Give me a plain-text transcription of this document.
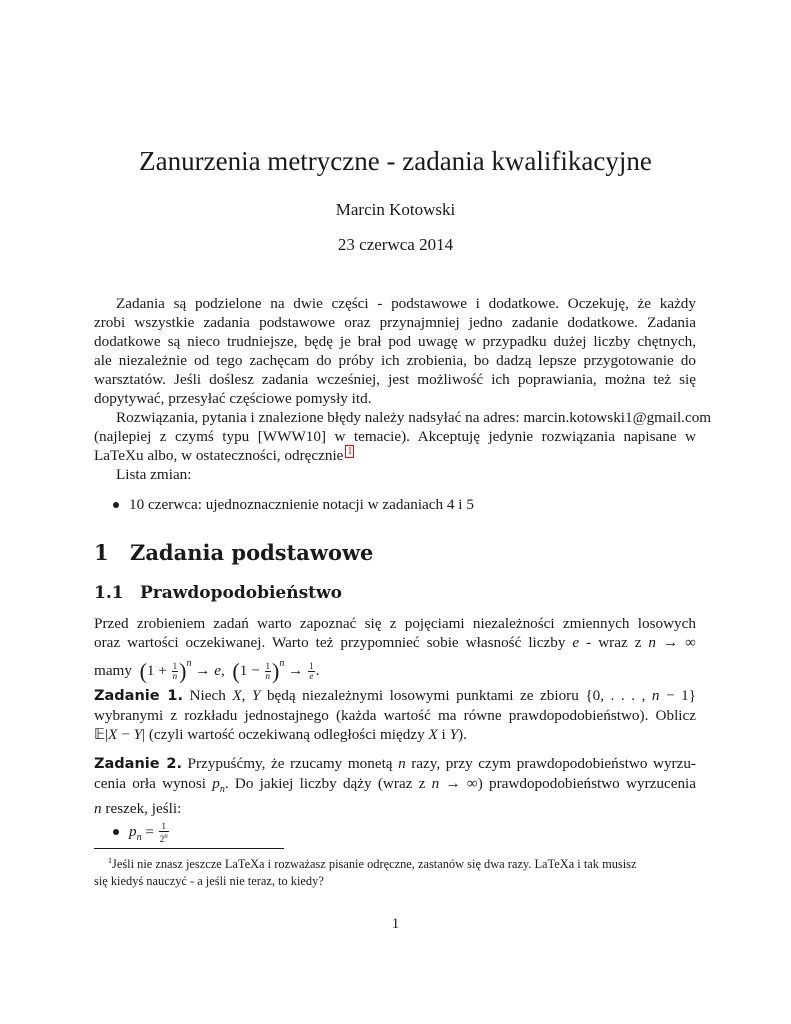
Zanurzenia metryczne - zadania kwalifikacyjne
Marcin Kotowski
23 czerwca 2014
Zadania są podzielone na dwie części - podstawowe i dodatkowe. Oczekuję, że każdy
zrobi wszystkie zadania podstawowe oraz przynajmniej jedno zadanie dodatkowe. Zadania
dodatkowe są nieco trudniejsze, będę je brał pod uwagę w przypadku dużej liczby chętnych,
ale niezależnie od tego zachęcam do próby ich zrobienia, bo dadzą lepsze przygotowanie do
warsztatów. Jeśli doślesz zadania wcześniej, jest możliwość ich poprawiania, można też się
dopytywać, przesyłać częściowe pomysły itd.
Rozwiązania, pytania i znalezione błędy należy nadsyłać na adres: marcin.kotowski1@gmail.com
(najlepiej z czymś typu [WWW10] w temacie). Akceptuję jedynie rozwiązania napisane w
LaTeXu albo, w ostateczności, odręcznie $^1$
Lista zmian:
10 czerwca: ujednoznacznienie notacji w zadaniach 4 i 5
1 Zadania podstawowe
1.1 Prawdopodobieństwo
Przed zrobieniem zadań warto zapoznać się z pojęciami niezależności zmiennych losowych
oraz wartości oczekiwanej. Warto też przypomnieć sobie własność liczby e - wraz z n → ∞
mamy $(1 + \frac{1}{n} )^n \to e$,  $(1 - \frac{1}{n} )^n \to \frac{1}{e}$ .
Zadanie 1. Niech X, Y będą niezależnymi losowymi punktami ze zbioru {0, . . . , n − 1}
wybranymi z rozkładu jednostajnego (każda wartość ma równe prawdopodobieństwo). Oblicz
𝔼|X − Y| (czyli wartość oczekiwaną odległości między X i Y).
Zadanie 2. Przypuśćmy, że rzucamy monetą n razy, przy czym prawdopodobieństwo wyrzu-
cenia orła wynosi $p_n$. Do jakiej liczby dąży (wraz z n → ∞) prawdopodobieństwo wyrzucenia
n reszek, jeśli:
$p_n = \frac{1}{2^n}$
$^1$Jeśli nie znasz jeszcze LaTeXa i rozważasz pisanie odręczne, zastanów się dwa razy. LaTeXa i tak musisz
się kiedyś nauczyć - a jeśli nie teraz, to kiedy?
1
